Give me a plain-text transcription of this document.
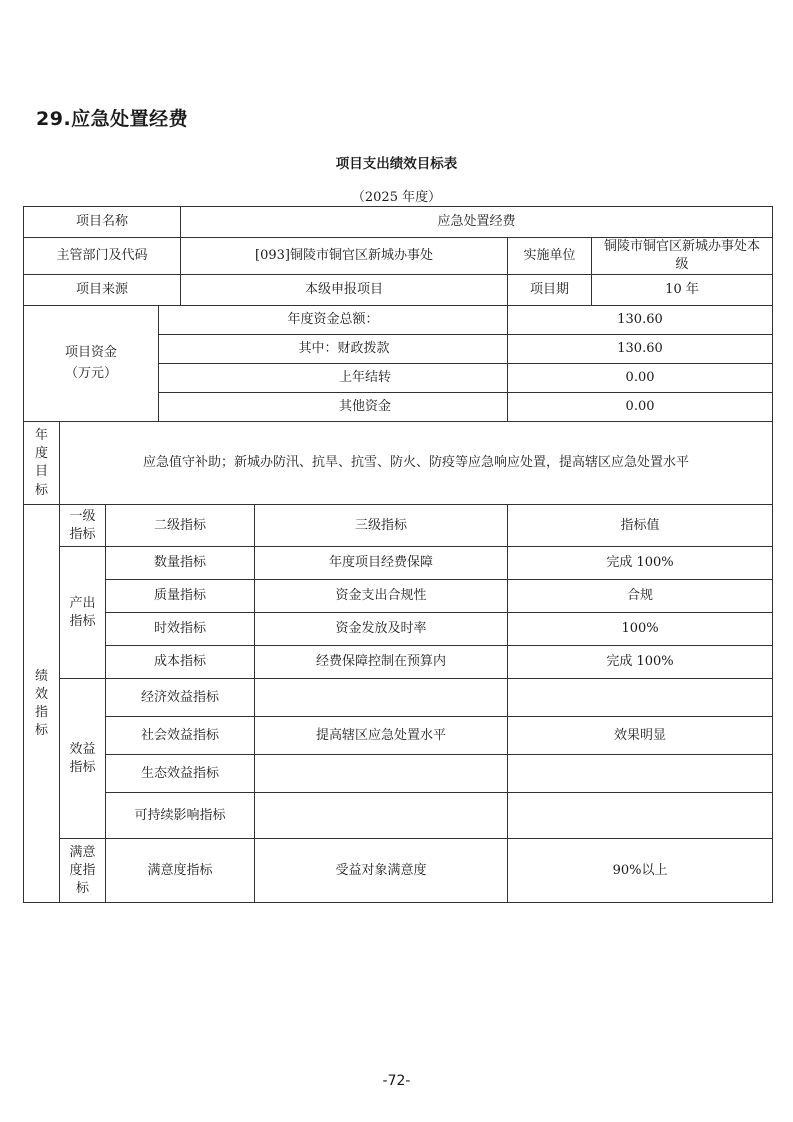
29.应急处置经费
项目支出绩效目标表
（2025 年度）
项目名称				应急处置经费			
主管部门及代码				[093]铜陵市铜官区新城办事处		实施单位	铜陵市铜官区新城办事处本级
项目来源				本级申报项目		项目期	10 年
项目资金
（万元）			年度资金总额：			130.60	
			其中：财政拨款			130.60	
			上年结转			0.00	
			其他资金			0.00	
年
度
目
标	应急值守补助；新城办防汛、抗旱、抗雪、防火、防疫等应急响应处置，提高辖区应急处置水平						
绩
效
指
标	一级
指标	二级指标			三级指标	指标值	
	产出
指标	数量指标			年度项目经费保障	完成 100%	
		质量指标			资金支出合规性	合规	
		时效指标			资金发放及时率	100%	
		成本指标			经费保障控制在预算内	完成 100%	
	效益
指标	经济效益指标					
		社会效益指标			提高辖区应急处置水平	效果明显	
		生态效益指标					
		可持续影响指标					
	满意
度指
标	满意度指标			受益对象满意度	90%以上	
-72-
